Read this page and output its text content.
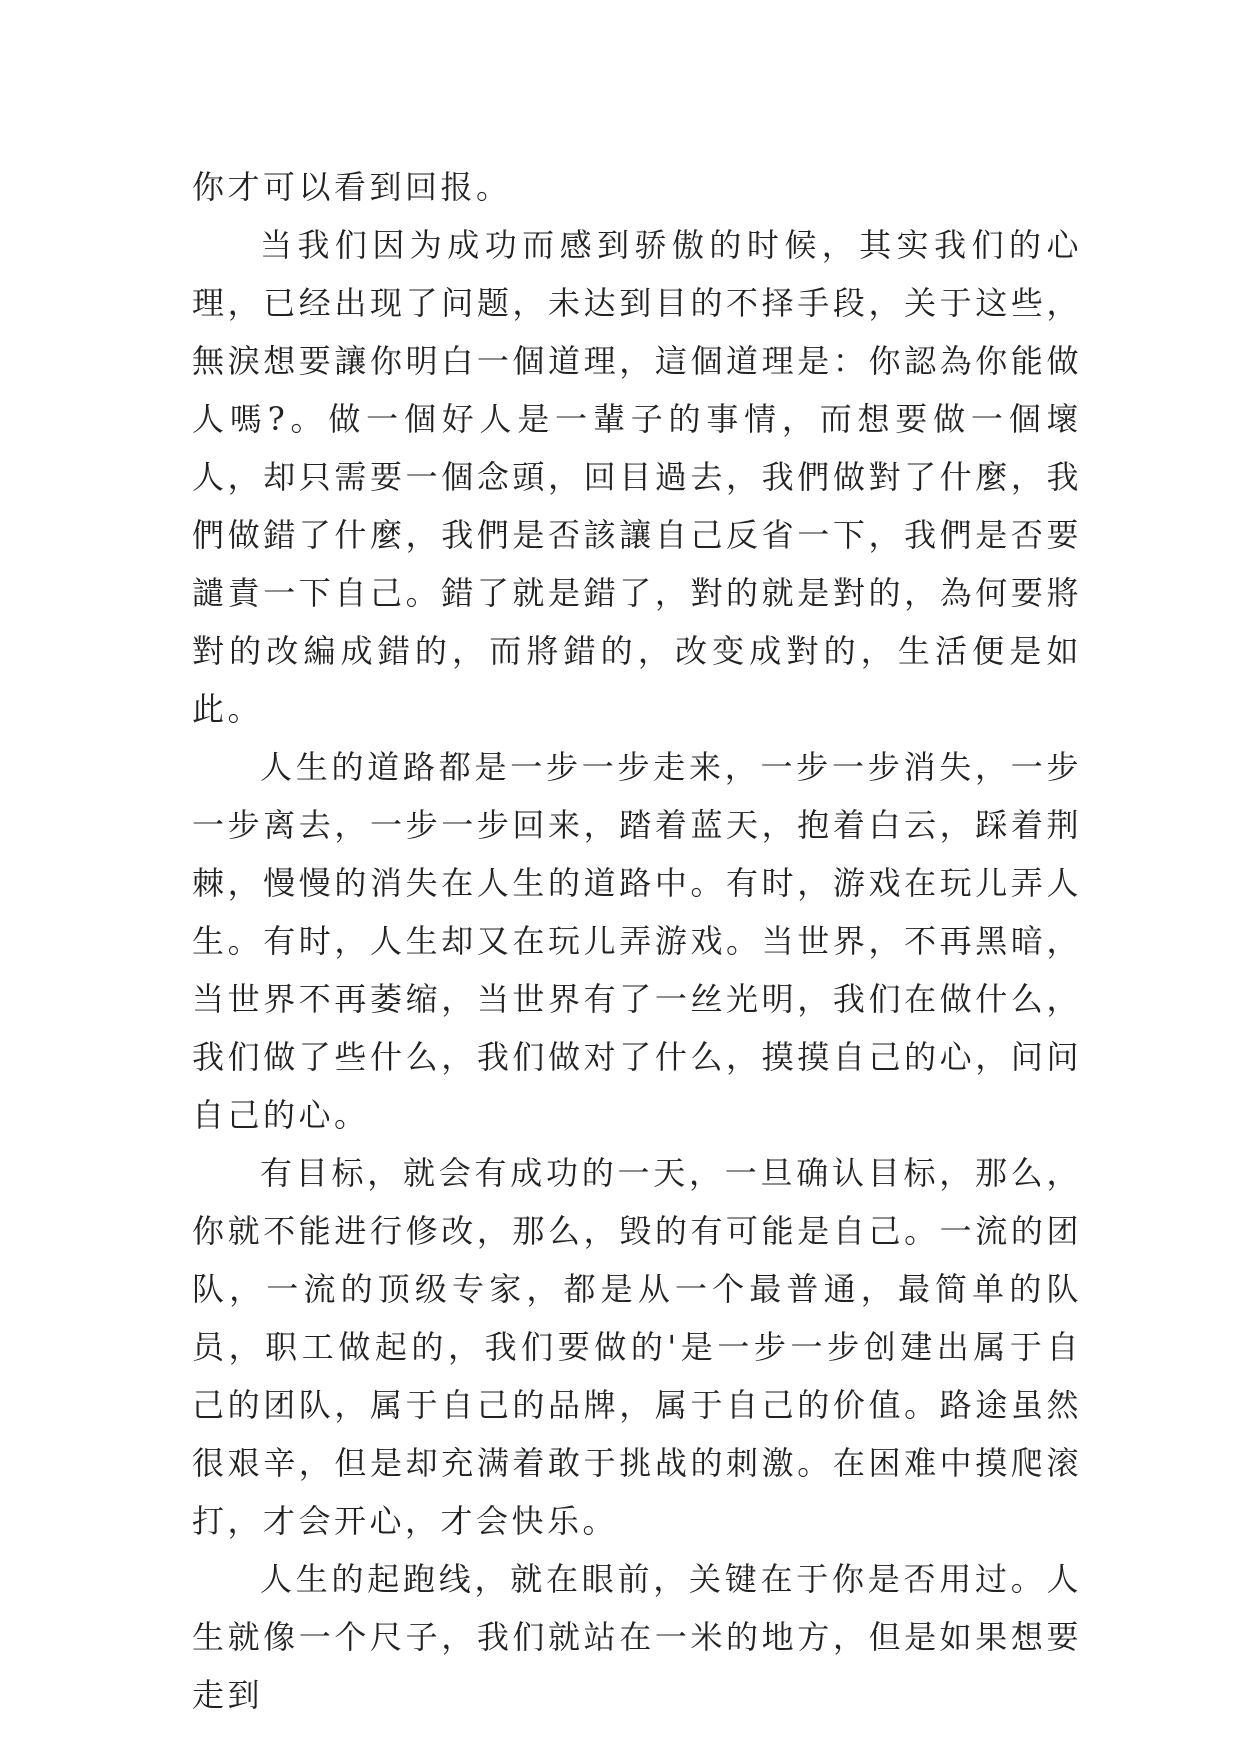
你才可以看到回报。

当我们因为成功而感到骄傲的时候，其实我们的心理，已经出现了问题，未达到目的不择手段，关于这些，無淚想要讓你明白一個道理，這個道理是：你認為你能做人嗎?。做一個好人是一輩子的事情，而想要做一個壞人，却只需要一個念頭，回目過去，我們做對了什麼，我們做錯了什麼，我們是否該讓自己反省一下，我們是否要譴責一下自己。錯了就是錯了，對的就是對的，為何要將對的改編成錯的，而將錯的，改变成對的，生活便是如此。

人生的道路都是一步一步走来，一步一步消失，一步一步离去，一步一步回来，踏着蓝天，抱着白云，踩着荆棘，慢慢的消失在人生的道路中。有时，游戏在玩儿弄人生。有时，人生却又在玩儿弄游戏。当世界，不再黑暗，当世界不再萎缩，当世界有了一丝光明，我们在做什么，我们做了些什么，我们做对了什么，摸摸自己的心，问问自己的心。

有目标，就会有成功的一天，一旦确认目标，那么，你就不能进行修改，那么，毁的有可能是自己。一流的团队，一流的顶级专家，都是从一个最普通，最简单的队员，职工做起的，我们要做的'是一步一步创建出属于自己的团队，属于自己的品牌，属于自己的价值。路途虽然很艰辛，但是却充满着敢于挑战的刺激。在困难中摸爬滚打，才会开心，才会快乐。

人生的起跑线，就在眼前，关键在于你是否用过。人生就像一个尺子，我们就站在一米的地方，但是如果想要走到
